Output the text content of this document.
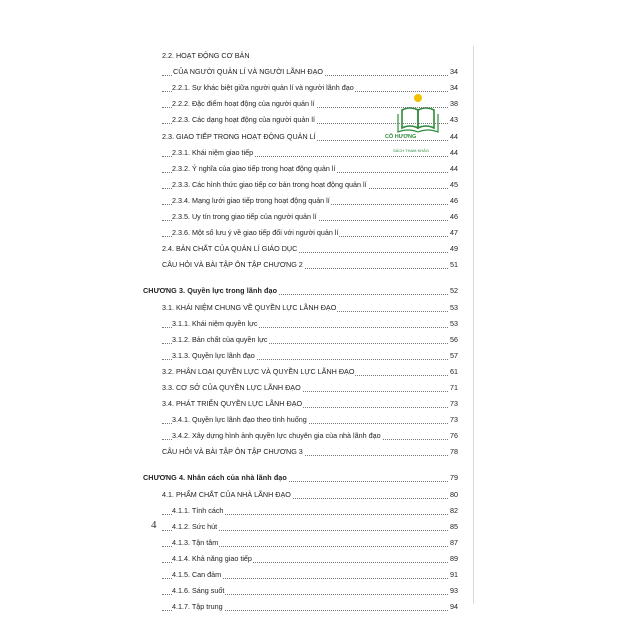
CÔ HƯƠNG
SÁCH THAM KHẢO
2.2. HOẠT ĐỘNG CƠ BẢN
CỦA NGƯỜI QUẢN LÍ VÀ NGƯỜI LÃNH ĐẠO	34
2.2.1. Sự khác biệt giữa người quản lí và người lãnh đạo	34
2.2.2. Đặc điểm hoạt động của người quản lí	38
2.2.3. Các dạng hoạt động của người quản lí	43
2.3. GIAO TIẾP TRONG HOẠT ĐỘNG QUẢN LÍ	44
2.3.1. Khái niệm giao tiếp	44
2.3.2. Ý nghĩa của giao tiếp trong hoạt động quản lí	44
2.3.3. Các hình thức giao tiếp cơ bản trong hoạt động quản lí	45
2.3.4. Mạng lưới giao tiếp trong hoạt động quản lí	46
2.3.5. Uy tín trong giao tiếp của người quản lí	46
2.3.6. Một số lưu ý về giao tiếp đối với người quản lí	47
2.4. BẢN CHẤT CỦA QUẢN LÍ GIÁO DỤC	49
CÂU HỎI VÀ BÀI TẬP ÔN TẬP CHƯƠNG 2	51
CHƯƠNG 3. Quyền lực trong lãnh đạo	52
3.1. KHÁI NIỆM CHUNG VỀ QUYỀN LỰC LÃNH ĐẠO	53
3.1.1. Khái niệm quyền lực	53
3.1.2. Bản chất của quyền lực	56
3.1.3. Quyền lực lãnh đạo	57
3.2. PHÂN LOẠI QUYỀN LỰC VÀ QUYỀN LỰC LÃNH ĐẠO	61
3.3. CƠ SỞ CỦA QUYỀN LỰC LÃNH ĐẠO	71
3.4. PHÁT TRIỂN QUYỀN LỰC LÃNH ĐẠO	73
3.4.1. Quyền lực lãnh đạo theo tình huống	73
3.4.2. Xây dựng hình ảnh quyền lực chuyên gia của nhà lãnh đạo	76
CÂU HỎI VÀ BÀI TẬP ÔN TẬP CHƯƠNG 3	78
CHƯƠNG 4. Nhân cách của nhà lãnh đạo	79
4.1. PHẨM CHẤT CỦA NHÀ LÃNH ĐẠO	80
4.1.1. Tính cách	82
4.1.2. Sức hút	85
4.1.3. Tận tâm	87
4.1.4. Khả năng giao tiếp	89
4.1.5. Can đảm	91
4.1.6. Sáng suốt	93
4.1.7. Tập trung	94
4
